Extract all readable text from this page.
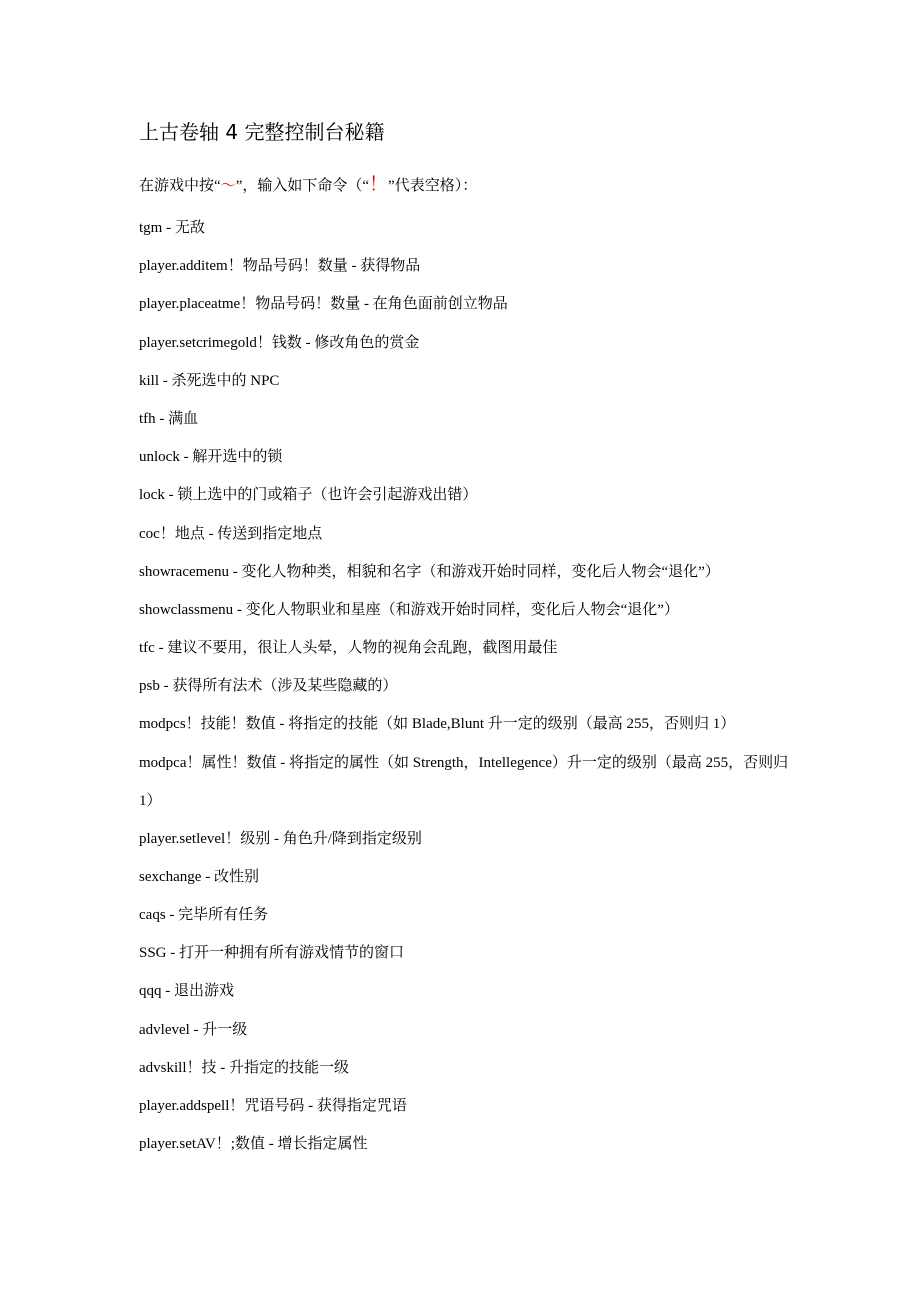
上古卷轴 4 完整控制台秘籍
在游戏中按“～”，输入如下命令（“！”代表空格）：
tgm - 无敌
player.additem！物品号码！数量 - 获得物品
player.placeatme！物品号码！数量 - 在角色面前创立物品
player.setcrimegold！钱数 - 修改角色的赏金
kill - 杀死选中的 NPC
tfh - 满血
unlock - 解开选中的锁
lock - 锁上选中的门或箱子（也许会引起游戏出错）
coc！地点 - 传送到指定地点
showracemenu - 变化人物种类，相貌和名字（和游戏开始时同样，变化后人物会“退化”）
showclassmenu - 变化人物职业和星座（和游戏开始时同样，变化后人物会“退化”）
tfc - 建议不要用，很让人头晕，人物的视角会乱跑，截图用最佳
psb - 获得所有法术（涉及某些隐藏的）
modpcs！技能！数值 - 将指定的技能（如 Blade,Blunt 升一定的级别（最高 255，否则归 1）
modpca！属性！数值 - 将指定的属性（如 Strength，Intellegence）升一定的级别（最高 255，否则归 1）
player.setlevel！级别 - 角色升/降到指定级别
sexchange - 改性别
caqs - 完毕所有任务
SSG - 打开一种拥有所有游戏情节的窗口
qqq - 退出游戏
advlevel - 升一级
advskill！技 - 升指定的技能一级
player.addspell！咒语号码 - 获得指定咒语
player.setAV！;数值 - 增长指定属性
